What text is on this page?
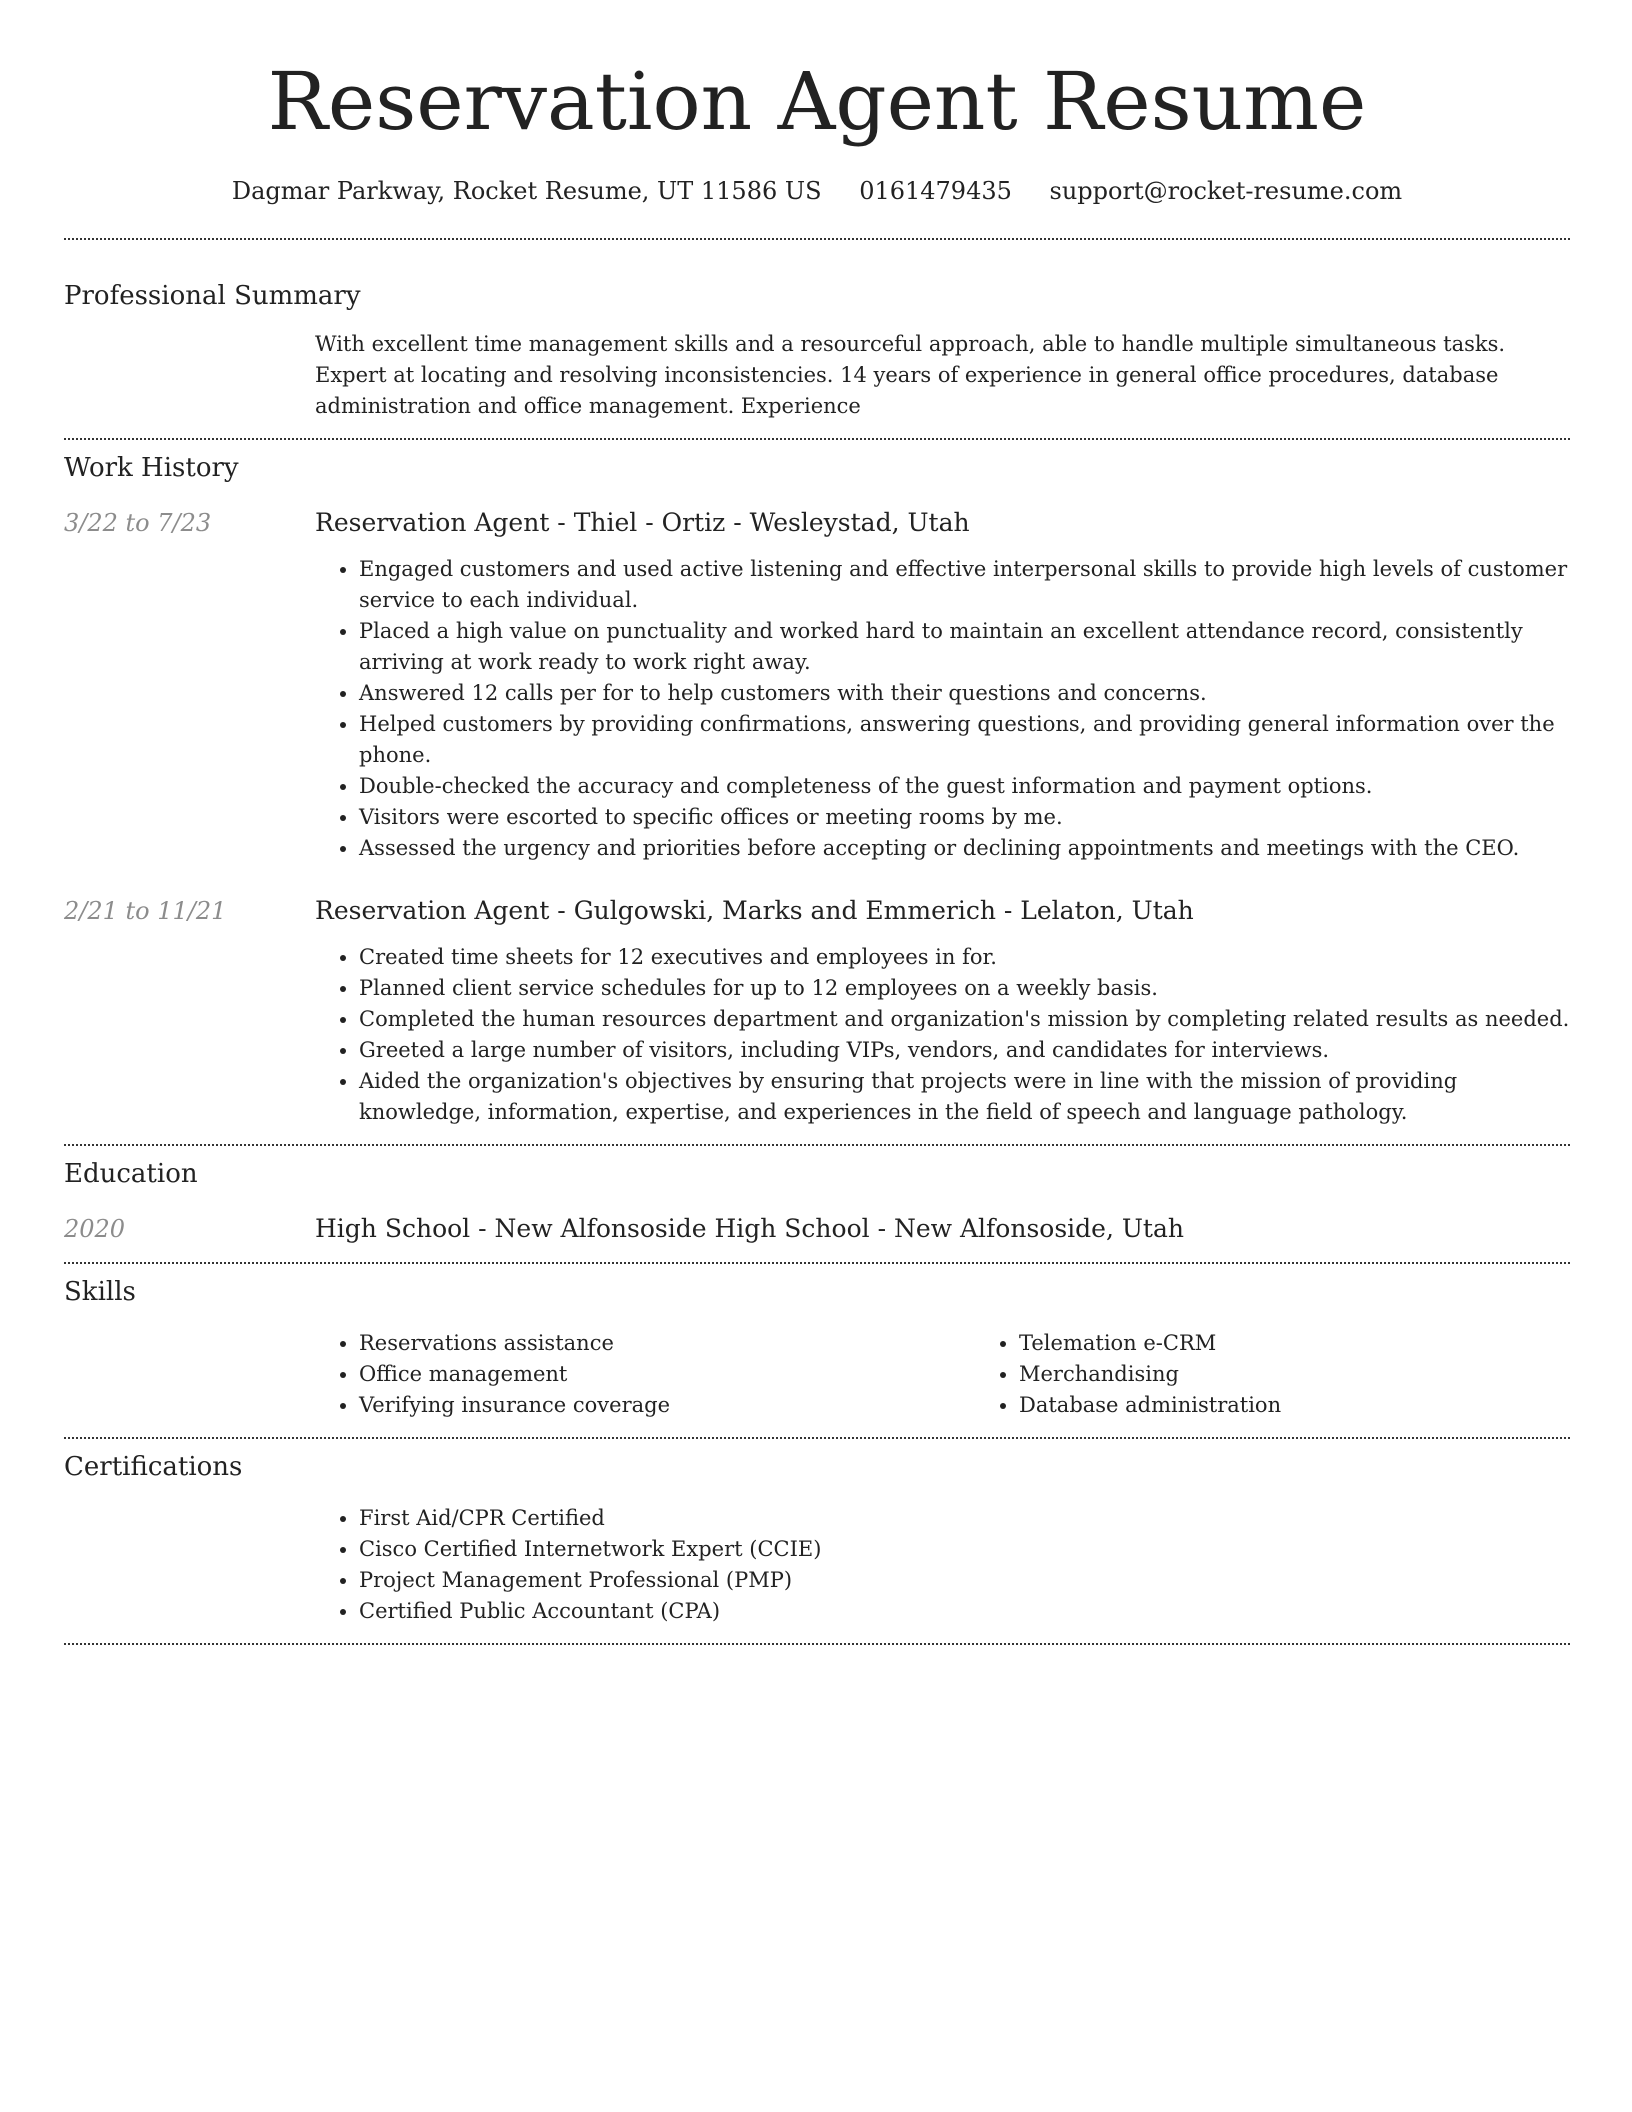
Reservation Agent Resume
Dagmar Parkway, Rocket Resume, UT 11586 US 0161479435 support@rocket-resume.com
Professional Summary

With excellent time management skills and a resourceful approach, able to handle multiple simultaneous tasks. Expert at locating and resolving inconsistencies. 14 years of experience in general office procedures, database administration and office management. Experience

Work History
3/22 to 7/23	Reservation Agent - Thiel - Ortiz - Wesleystad, Utah
• Engaged customers and used active listening and effective interpersonal skills to provide high levels of customer service to each individual.
• Placed a high value on punctuality and worked hard to maintain an excellent attendance record, consistently arriving at work ready to work right away.
• Answered 12 calls per for to help customers with their questions and concerns.
• Helped customers by providing confirmations, answering questions, and providing general information over the phone.
• Double-checked the accuracy and completeness of the guest information and payment options.
• Visitors were escorted to specific offices or meeting rooms by me.
• Assessed the urgency and priorities before accepting or declining appointments and meetings with the CEO.
2/21 to 11/21	Reservation Agent - Gulgowski, Marks and Emmerich - Lelaton, Utah
• Created time sheets for 12 executives and employees in for.
• Planned client service schedules for up to 12 employees on a weekly basis.
• Completed the human resources department and organization's mission by completing related results as needed.
• Greeted a large number of visitors, including VIPs, vendors, and candidates for interviews.
• Aided the organization's objectives by ensuring that projects were in line with the mission of providing knowledge, information, expertise, and experiences in the field of speech and language pathology.
Education
2020	High School - New Alfonsoside High School - New Alfonsoside, Utah
Skills
• Reservations assistance
• Office management
• Verifying insurance coverage
• Telemation e-CRM
• Merchandising
• Database administration
Certifications
• First Aid/CPR Certified
• Cisco Certified Internetwork Expert (CCIE)
• Project Management Professional (PMP)
• Certified Public Accountant (CPA)
